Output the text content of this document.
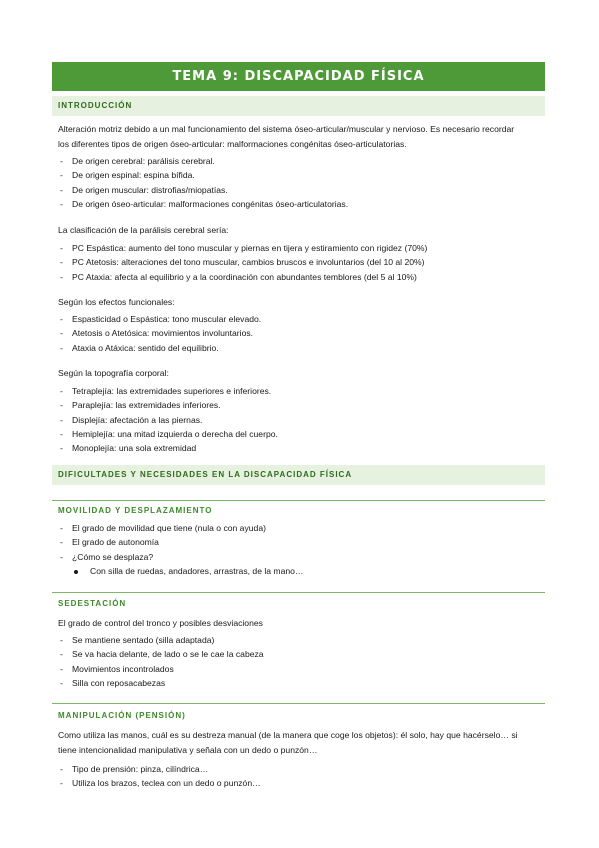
TEMA 9: DISCAPACIDAD FÍSICA
INTRODUCCIÓN
Alteración motriz debido a un mal funcionamiento del sistema óseo-articular/muscular y nervioso. Es necesario recordar
los diferentes tipos de origen óseo-articular: malformaciones congénitas óseo-articulatorias.
- De origen cerebral: parálisis cerebral.
- De origen espinal: espina bífida.
- De origen muscular: distrofias/miopatías.
- De origen óseo-articular: malformaciones congénitas óseo-articulatorias.
La clasificación de la parálisis cerebral sería:
- PC Espástica: aumento del tono muscular y piernas en tijera y estiramiento con rigidez (70%)
- PC Atetosis: alteraciones del tono muscular, cambios bruscos e involuntarios (del 10 al 20%)
- PC Ataxia: afecta al equilibrio y a la coordinación con abundantes temblores (del 5 al 10%)
Según los efectos funcionales:
- Espasticidad o Espástica: tono muscular elevado.
- Atetosis o Atetósica: movimientos involuntarios.
- Ataxia o Atáxica: sentido del equilibrio.
Según la topografía corporal:
- Tetraplejía: las extremidades superiores e inferiores.
- Paraplejía: las extremidades inferiores.
- Displejía: afectación a las piernas.
- Hemiplejía: una mitad izquierda o derecha del cuerpo.
- Monoplejía: una sola extremidad
DIFICULTADES Y NECESIDADES EN LA DISCAPACIDAD FÍSICA
MOVILIDAD Y DESPLAZAMIENTO
- El grado de movilidad que tiene (nula o con ayuda)
- El grado de autonomía
- ¿Cómo se desplaza?
Con silla de ruedas, andadores, arrastras, de la mano…
SEDESTACIÓN
El grado de control del tronco y posibles desviaciones
- Se mantiene sentado (silla adaptada)
- Se va hacia delante, de lado o se le cae la cabeza
- Movimientos incontrolados
- Silla con reposacabezas
MANIPULACIÓN (PENSIÓN)
Como utiliza las manos, cuál es su destreza manual (de la manera que coge los objetos): él solo, hay que hacérselo… si
tiene intencionalidad manipulativa y señala con un dedo o punzón…
- Tipo de prensión: pinza, cilíndrica…
- Utiliza los brazos, teclea con un dedo o punzón…
